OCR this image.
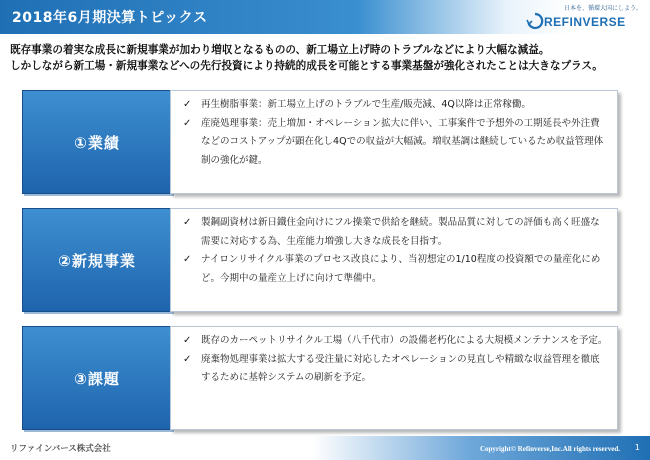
2018年6月期決算トピックス
日本を、循環大国にしよう。
REFINVERSE
既存事業の着実な成長に新規事業が加わり増収となるものの、新工場立上げ時のトラブルなどにより大幅な減益。
しかしながら新工場・新規事業などへの先行投資により持続的成長を可能とする事業基盤が強化されたことは大きなプラス。
①業績
✓ 再生樹脂事業：新工場立上げのトラブルで生産/販売減、4Q以降は正常稼働。
✓ 産廃処理事業：売上増加・オペレーション拡大に伴い、工事案件で予想外の工期延長や外注費などのコストアップが顕在化し4Qでの収益が大幅減。増収基調は継続しているため収益管理体制の強化が鍵。
②新規事業
✓ 製鋼副資材は新日鐵住金向けにフル操業で供給を継続。製品品質に対しての評価も高く旺盛な需要に対応する為、生産能力増強し大きな成長を目指す。
✓ ナイロンリサイクル事業のプロセス改良により、当初想定の1/10程度の投資額での量産化にめど。今期中の量産立上げに向けて準備中。
③課題
✓ 既存のカーペットリサイクル工場（八千代市）の設備老朽化による大規模メンテナンスを予定。
✓ 廃棄物処理事業は拡大する受注量に対応したオペレーションの見直しや精緻な収益管理を徹底するために基幹システムの刷新を予定。
リファインバース株式会社	Copyright© Refinverse,Inc.All rights reserved. 1
